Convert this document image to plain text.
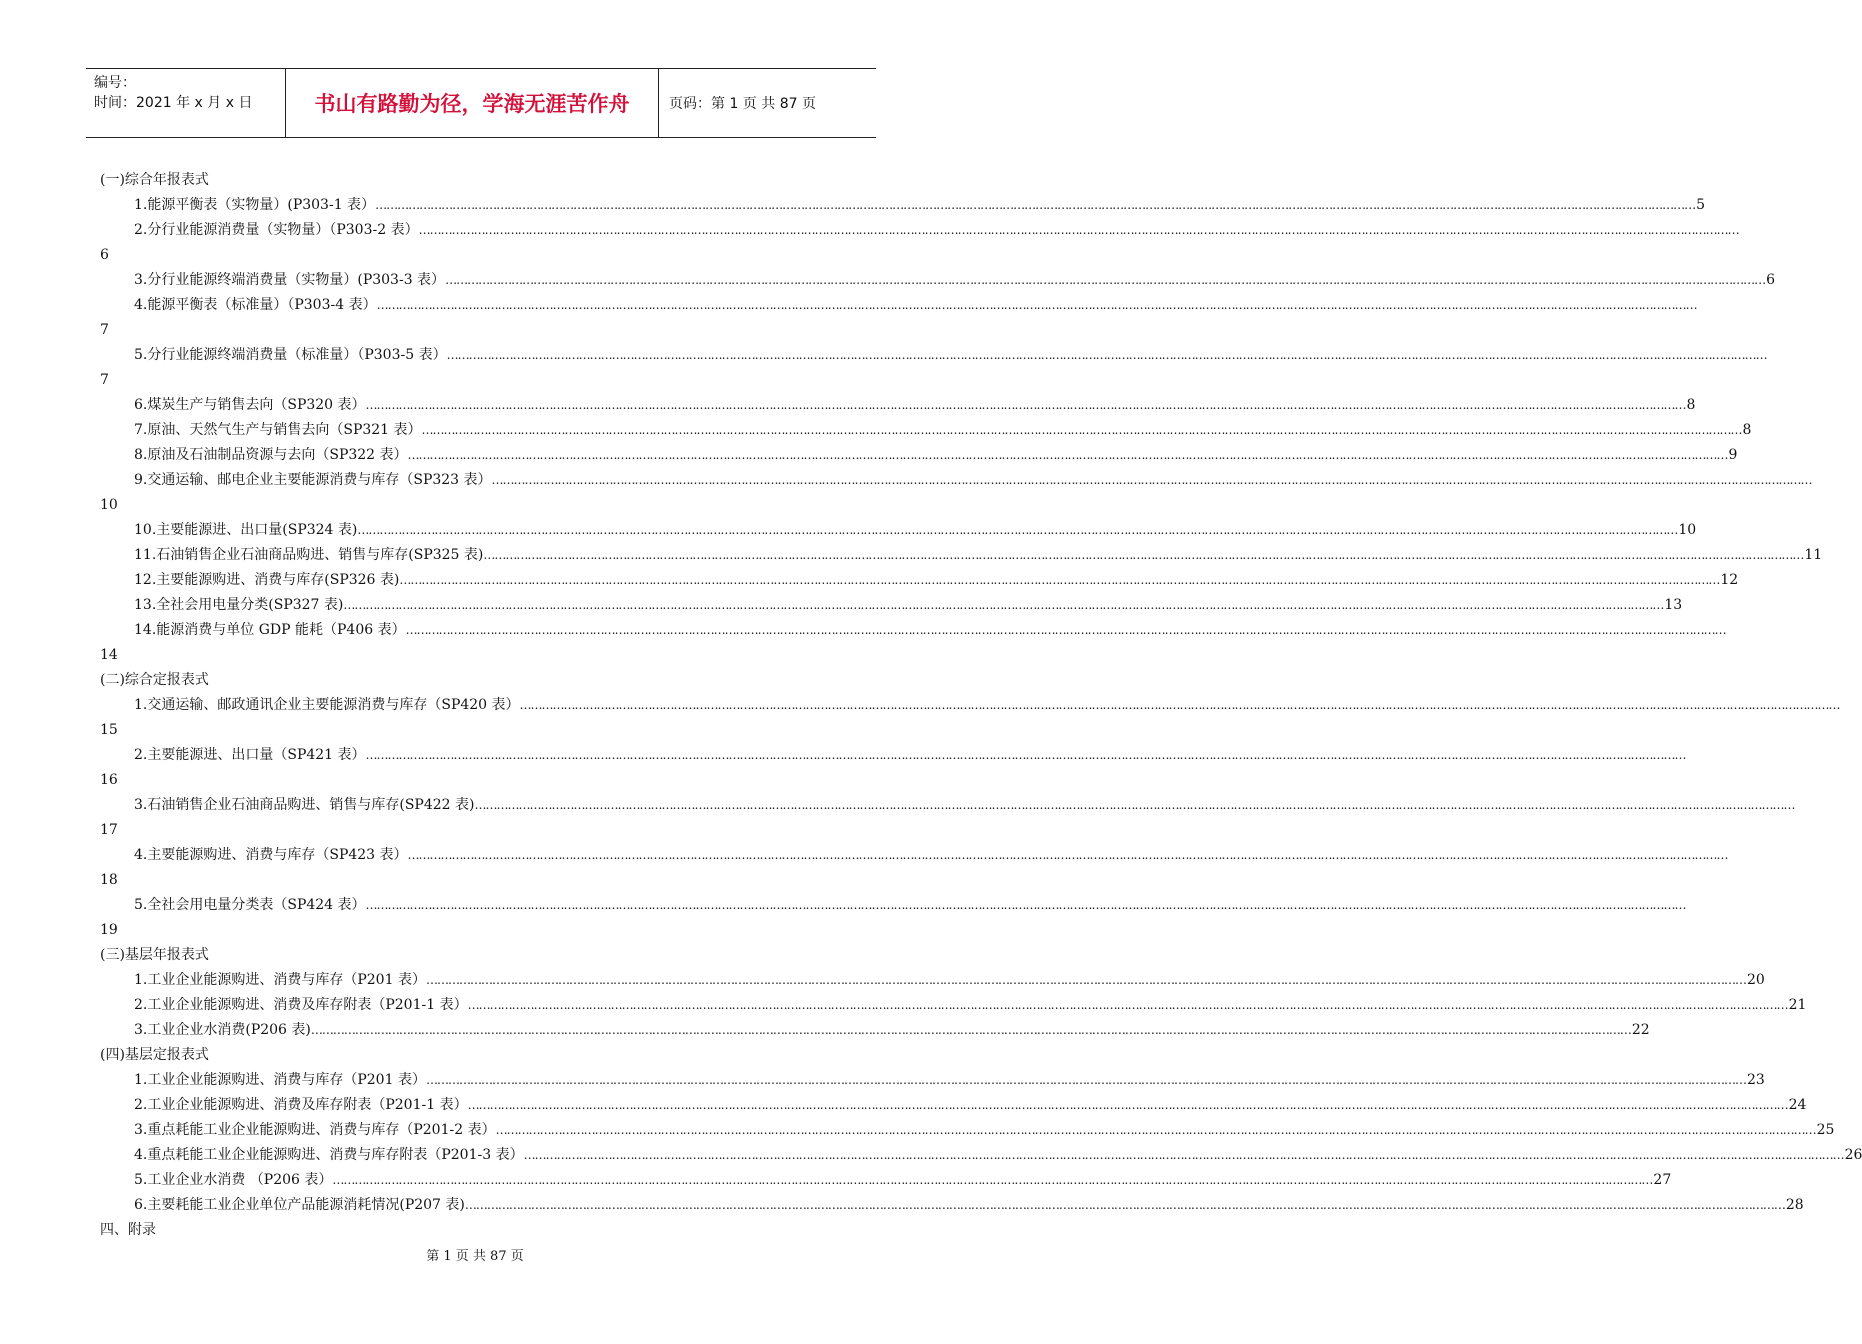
编号：
时间：2021 年 x 月 x 日	书山有路勤为径，学海无涯苦作舟	页码：第 1 页 共 87 页
(一)综合年报表式
1.能源平衡表（实物量）(P303-1 表） ……………………………………………………………………………………………………………………………………………………………………………………………………………………………………………………………………………………………………………………………… 5
2.分行业能源消费量（实物量）（P303-2 表） ………………………………………………………………………………………………………………………………………………………………………………………………………………………………………………………………………………………………………………………………
6
3.分行业能源终端消费量（实物量）(P303-3 表） ……………………………………………………………………………………………………………………………………………………………………………………………………………………………………………………………………………………………………………………………… 6
4.能源平衡表（标准量）（P303-4 表） ………………………………………………………………………………………………………………………………………………………………………………………………………………………………………………………………………………………………………………………………
7
5.分行业能源终端消费量（标准量）（P303-5 表） ………………………………………………………………………………………………………………………………………………………………………………………………………………………………………………………………………………………………………………………………
7
6.煤炭生产与销售去向（SP320 表） ……………………………………………………………………………………………………………………………………………………………………………………………………………………………………………………………………………………………………………………………… 8
7.原油、天然气生产与销售去向（SP321 表） ……………………………………………………………………………………………………………………………………………………………………………………………………………………………………………………………………………………………………………………………… 8
8.原油及石油制品资源与去向（SP322 表） ……………………………………………………………………………………………………………………………………………………………………………………………………………………………………………………………………………………………………………………………… 9
9.交通运输、邮电企业主要能源消费与库存（SP323 表） ………………………………………………………………………………………………………………………………………………………………………………………………………………………………………………………………………………………………………………………………
10
10.主要能源进、出口量(SP324 表) ……………………………………………………………………………………………………………………………………………………………………………………………………………………………………………………………………………………………………………………………… 10
11.石油销售企业石油商品购进、销售与库存(SP325 表) ……………………………………………………………………………………………………………………………………………………………………………………………………………………………………………………………………………………………………………………………… 11
12.主要能源购进、消费与库存(SP326 表) ……………………………………………………………………………………………………………………………………………………………………………………………………………………………………………………………………………………………………………………………… 12
13.全社会用电量分类(SP327 表) ……………………………………………………………………………………………………………………………………………………………………………………………………………………………………………………………………………………………………………………………… 13
14.能源消费与单位 GDP 能耗（P406 表） ………………………………………………………………………………………………………………………………………………………………………………………………………………………………………………………………………………………………………………………………
14
(二)综合定报表式
1.交通运输、邮政通讯企业主要能源消费与库存（SP420 表） ………………………………………………………………………………………………………………………………………………………………………………………………………………………………………………………………………………………………………………………………
15
2.主要能源进、出口量（SP421 表） ………………………………………………………………………………………………………………………………………………………………………………………………………………………………………………………………………………………………………………………………
16
3.石油销售企业石油商品购进、销售与库存(SP422 表) ………………………………………………………………………………………………………………………………………………………………………………………………………………………………………………………………………………………………………………………………
17
4.主要能源购进、消费与库存（SP423 表） ………………………………………………………………………………………………………………………………………………………………………………………………………………………………………………………………………………………………………………………………
18
5.全社会用电量分类表（SP424 表） ………………………………………………………………………………………………………………………………………………………………………………………………………………………………………………………………………………………………………………………………
19
(三)基层年报表式
1.工业企业能源购进、消费与库存（P201 表） ……………………………………………………………………………………………………………………………………………………………………………………………………………………………………………………………………………………………………………………………… 20
2.工业企业能源购进、消费及库存附表（P201-1 表） ……………………………………………………………………………………………………………………………………………………………………………………………………………………………………………………………………………………………………………………………… 21
3.工业企业水消费(P206 表) ……………………………………………………………………………………………………………………………………………………………………………………………………………………………………………………………………………………………………………………………… 22
(四)基层定报表式
1.工业企业能源购进、消费与库存（P201 表） ……………………………………………………………………………………………………………………………………………………………………………………………………………………………………………………………………………………………………………………………… 23
2.工业企业能源购进、消费及库存附表（P201-1 表） ……………………………………………………………………………………………………………………………………………………………………………………………………………………………………………………………………………………………………………………………… 24
3.重点耗能工业企业能源购进、消费与库存（P201-2 表） ……………………………………………………………………………………………………………………………………………………………………………………………………………………………………………………………………………………………………………………………… 25
4.重点耗能工业企业能源购进、消费与库存附表（P201-3 表） ……………………………………………………………………………………………………………………………………………………………………………………………………………………………………………………………………………………………………………………………… 26
5.工业企业水消费 （P206 表） ……………………………………………………………………………………………………………………………………………………………………………………………………………………………………………………………………………………………………………………………… 27
6.主要耗能工业企业单位产品能源消耗情况(P207 表) ……………………………………………………………………………………………………………………………………………………………………………………………………………………………………………………………………………………………………………………………… 28
四、附录
第 1 页 共 87 页
